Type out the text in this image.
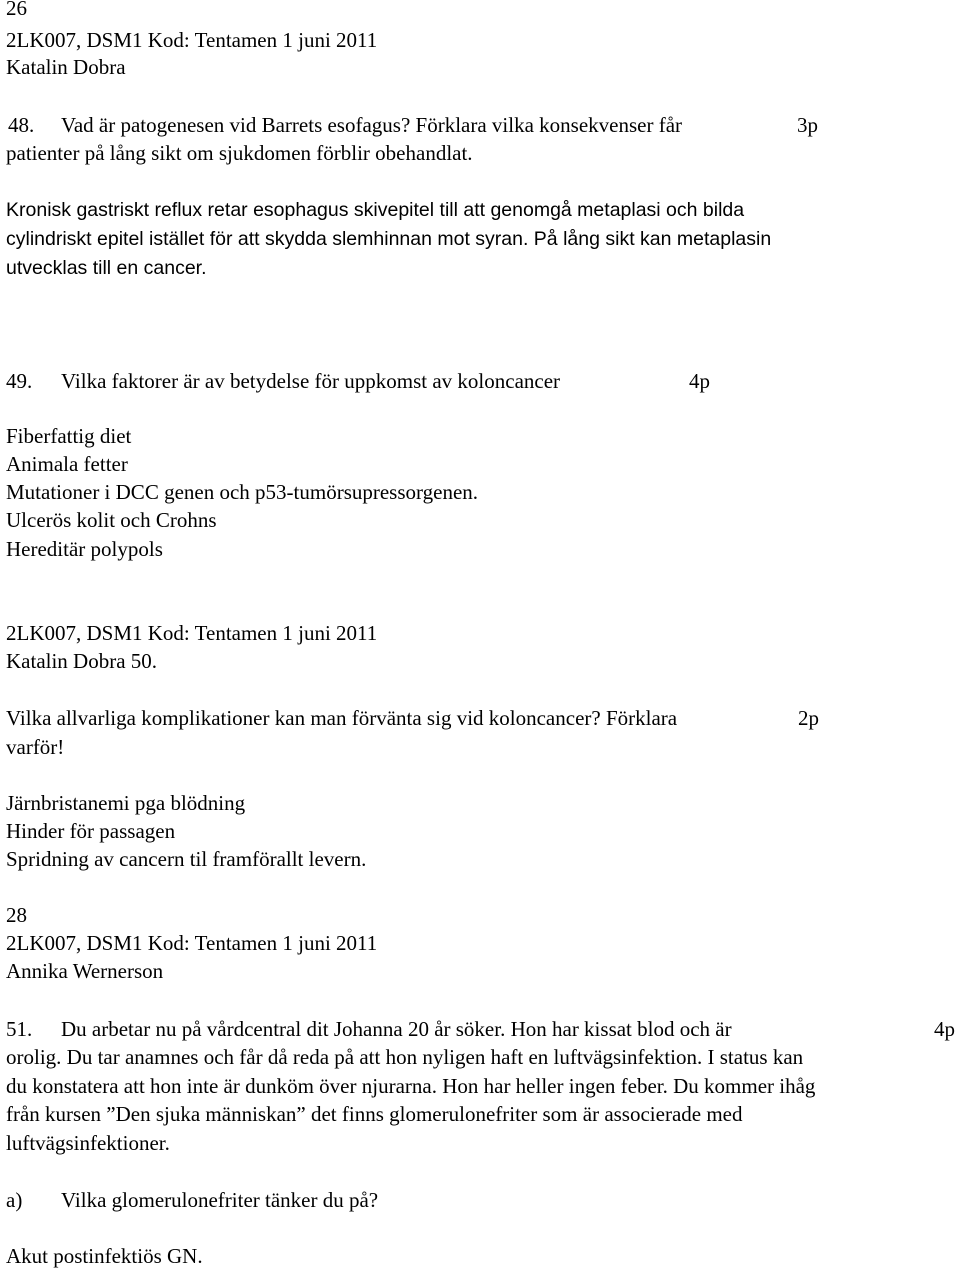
26
2LK007, DSM1 Kod: Tentamen 1 juni 2011
Katalin Dobra
48. Vad är patogenesen vid Barrets esofagus? Förklara vilka konsekvenser får	3p
patienter på lång sikt om sjukdomen förblir obehandlat.
Kronisk gastriskt reflux retar esophagus skivepitel till att genomgå metaplasi och bilda
cylindriskt epitel istället för att skydda slemhinnan mot syran. På lång sikt kan metaplasin
utvecklas till en cancer.
49. Vilka faktorer är av betydelse för uppkomst av koloncancer	4p
Fiberfattig diet
Animala fetter
Mutationer i DCC genen och p53-tumörsupressorgenen.
Ulcerös kolit och Crohns
Hereditär polypols
2LK007, DSM1 Kod: Tentamen 1 juni 2011
Katalin Dobra 50.
Vilka allvarliga komplikationer kan man förvänta sig vid koloncancer? Förklara	2p
varför!
Järnbristanemi pga blödning
Hinder för passagen
Spridning av cancern til framförallt levern.
28
2LK007, DSM1 Kod: Tentamen 1 juni 2011
Annika Wernerson
51. Du arbetar nu på vårdcentral dit Johanna 20 år söker. Hon har kissat blod och är	4p
orolig. Du tar anamnes och får då reda på att hon nyligen haft en luftvägsinfektion. I status kan
du konstatera att hon inte är dunköm över njurarna. Hon har heller ingen feber. Du kommer ihåg
från kursen ”Den sjuka människan” det finns glomerulonefriter som är associerade med
luftvägsinfektioner.
a) Vilka glomerulonefriter tänker du på?
Akut postinfektiös GN.
